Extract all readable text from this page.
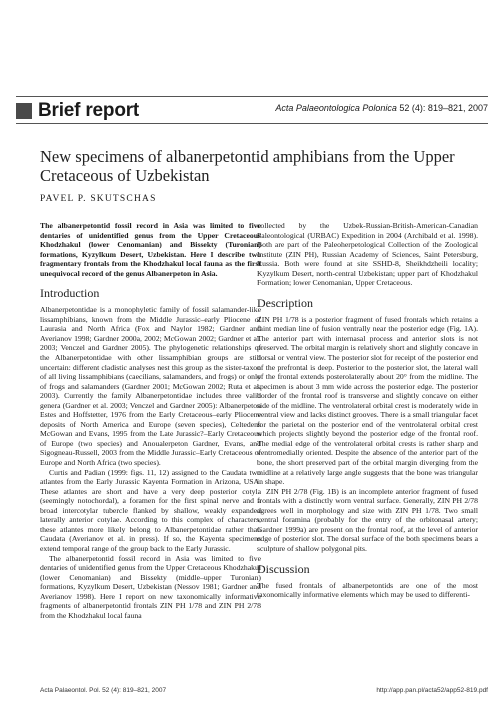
Brief report	Acta Palaeontologica Polonica 52 (4): 819–821, 2007
New specimens of albanerpetontid amphibians from the Upper Cretaceous of Uzbekistan
PAVEL P. SKUTSCHAS

The albanerpetontid fossil record in Asia was limited to five dentaries of unidentified genus from the Upper Cretaceous Khodzhakul (lower Cenomanian) and Bissekty (Turonian) formations, Kyzylkum Desert, Uzbekistan. Here I describe two fragmentary frontals from the Khodzhakul local fauna as the first unequivocal record of the genus Albanerpeton in Asia.

Introduction

Albanerpetontidae is a monophyletic family of fossil salamander-like lissamphibians, known from the Middle Jurassic–early Pliocene of Laurasia and North Africa (Fox and Naylor 1982; Gardner and Averianov 1998; Gardner 2000a, 2002; McGowan 2002; Gardner et al. 2003; Venczel and Gardner 2005). The phylogenetic relationships of the Albanerpetontidae with other lissamphibian groups are still uncertain: different cladistic analyses nest this group as the sister-taxon of all living lissamphibians (caecilians, salamanders, and frogs) or only of frogs and salamanders (Gardner 2001; McGowan 2002; Ruta et al. 2003). Currently the family Albanerpetontidae includes three valid genera (Gardner et al. 2003; Venczel and Gardner 2005): Albanerpeton Estes and Hoffstetter, 1976 from the Early Cretaceous–early Pliocene deposits of North America and Europe (seven species), Celtedens McGowan and Evans, 1995 from the Late Jurassic?–Early Cretaceous of Europe (two species) and Anoualerpeton Gardner, Evans, and Sigogneau-Russell, 2003 from the Middle Jurassic–Early Cretaceous of Europe and North Africa (two species).

Curtis and Padian (1999: figs. 11, 12) assigned to the Caudata two atlantes from the Early Jurassic Kayenta Formation in Arizona, USA. These atlantes are short and have a very deep posterior cotyla (seemingly notochordal), a foramen for the first spinal nerve and a broad intercotylar tubercle flanked by shallow, weakly expanded laterally anterior cotylae. According to this complex of characters, these atlantes more likely belong to Albanerpetontidae rather than Caudata (Averianov et al. in press). If so, the Kayenta specimens extend temporal range of the group back to the Early Jurassic.

The albanerpetontid fossil record in Asia was limited to five dentaries of unidentified genus from the Upper Cretaceous Khodzhakul (lower Cenomanian) and Bissekty (middle–upper Turonian) formations, Kyzylkum Desert, Uzbekistan (Nessov 1981; Gardner and Averianov 1998). Here I report on new taxonomically informative fragments of albanerpetontid frontals ZIN PH 1/78 and ZIN PH 2/78 from the Khodzhakul local fauna

collected by the Uzbek-Russian-British-American-Canadian Paleontological (URBAC) Expedition in 2004 (Archibald et al. 1998). Both are part of the Paleoherpetological Collection of the Zoological Institute (ZIN PH), Russian Academy of Sciences, Saint Petersburg, Russia. Both were found at site SSHD-8, Sheikhdzheili locality; Kyzylkum Desert, north-central Uzbekistan; upper part of Khodzhakul Formation; lower Cenomanian, Upper Cretaceous.

Description

ZIN PH 1/78 is a posterior fragment of fused frontals which retains a faint median line of fusion ventrally near the posterior edge (Fig. 1A). The anterior part with internasal process and anterior slots is not preserved. The orbital margin is relatively short and slightly concave in dorsal or ventral view. The posterior slot for receipt of the posterior end of the prefrontal is deep. Posterior to the posterior slot, the lateral wall of the frontal extends posterolaterally about 20° from the midline. The specimen is about 3 mm wide across the posterior edge. The posterior border of the frontal roof is transverse and slightly concave on either side of the midline. The ventrolateral orbital crest is moderately wide in ventral view and lacks distinct grooves. There is a small triangular facet for the parietal on the posterior end of the ventrolateral orbital crest which projects slightly beyond the posterior edge of the frontal roof. The medial edge of the ventrolateral orbital crests is rather sharp and ventromedially oriented. Despite the absence of the anterior part of the bone, the short preserved part of the orbital margin diverging from the midline at a relatively large angle suggests that the bone was triangular in shape.

ZIN PH 2/78 (Fig. 1B) is an incomplete anterior fragment of fused frontals with a distinctly worn ventral surface. Generally, ZIN PH 2/78 agrees well in morphology and size with ZIN PH 1/78. Two small ventral foramina (probably for the entry of the orbitonasal artery; Gardner 1999a) are present on the frontal roof, at the level of anterior edge of posterior slot. The dorsal surface of the both specimens bears a sculpture of shallow polygonal pits.

Discussion

The fused frontals of albanerpetontids are one of the most taxonomically informative elements which may be used to differenti-

Acta Palaeontol. Pol. 52 (4): 819–821, 2007	http://app.pan.pl/acta52/app52-819.pdf
